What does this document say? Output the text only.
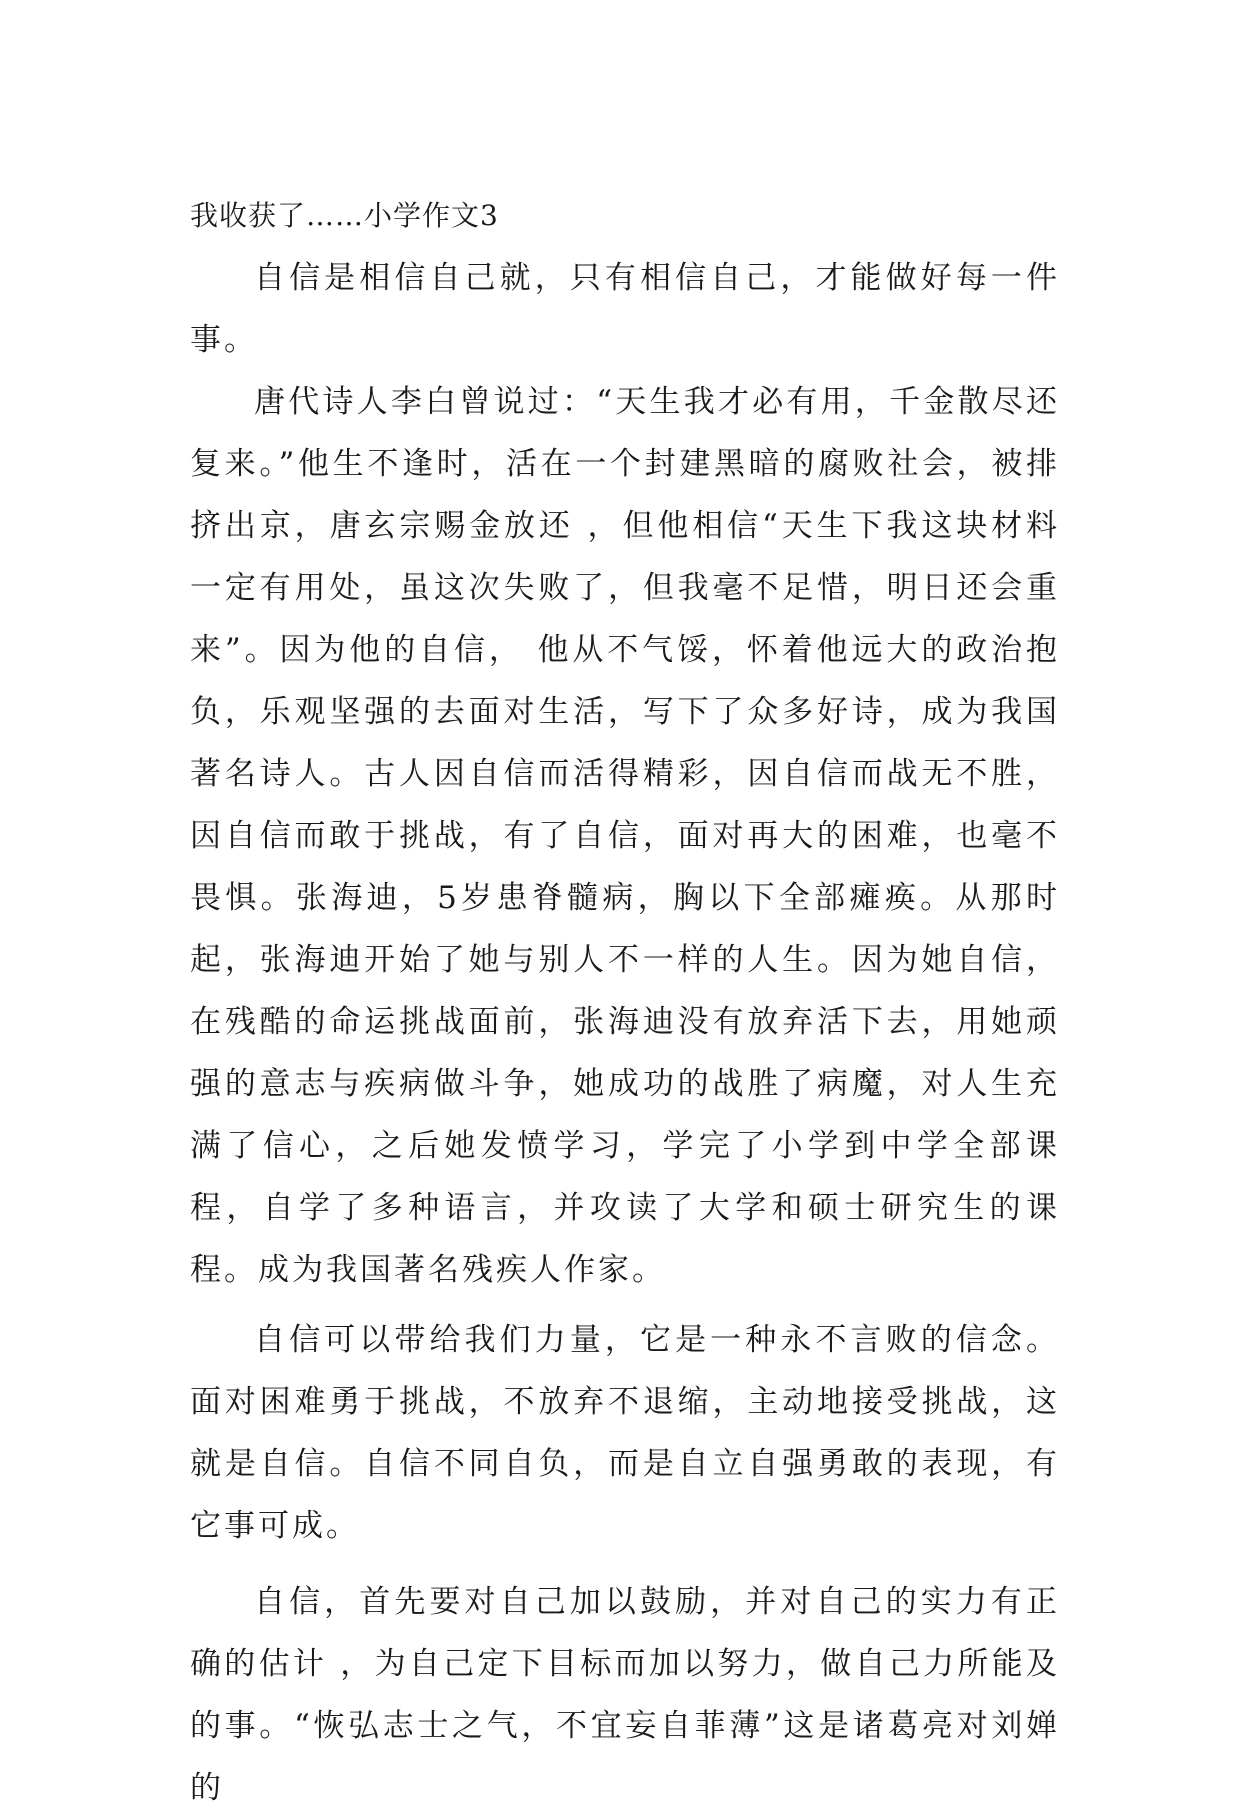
我收获了……小学作文3

自信是相信自己就，只有相信自己，才能做好每一件事。

唐代诗人李白曾说过：“天生我才必有用，千金散尽还复来。”他生不逢时，活在一个封建黑暗的腐败社会，被排挤出京，唐玄宗赐金放还 ，但他相信“天生下我这块材料一定有用处，虽这次失败了，但我毫不足惜，明日还会重来”。因为他的自信， 他从不气馁，怀着他远大的政治抱负，乐观坚强的去面对生活，写下了众多好诗，成为我国著名诗人。古人因自信而活得精彩，因自信而战无不胜，因自信而敢于挑战，有了自信，面对再大的困难，也毫不畏惧。张海迪，5岁患脊髓病，胸以下全部瘫痪。从那时起，张海迪开始了她与别人不一样的人生。因为她自信，在残酷的命运挑战面前，张海迪没有放弃活下去，用她顽强的意志与疾病做斗争，她成功的战胜了病魔，对人生充满了信心，之后她发愤学习，学完了小学到中学全部课程，自学了多种语言，并攻读了大学和硕士研究生的课程。成为我国著名残疾人作家。

自信可以带给我们力量，它是一种永不言败的信念。面对困难勇于挑战，不放弃不退缩，主动地接受挑战，这就是自信。自信不同自负，而是自立自强勇敢的表现，有它事可成。

自信，首先要对自己加以鼓励，并对自己的实力有正确的估计 ，为自己定下目标而加以努力，做自己力所能及的事。“恢弘志士之气，不宜妄自菲薄”这是诸葛亮对刘婵的
